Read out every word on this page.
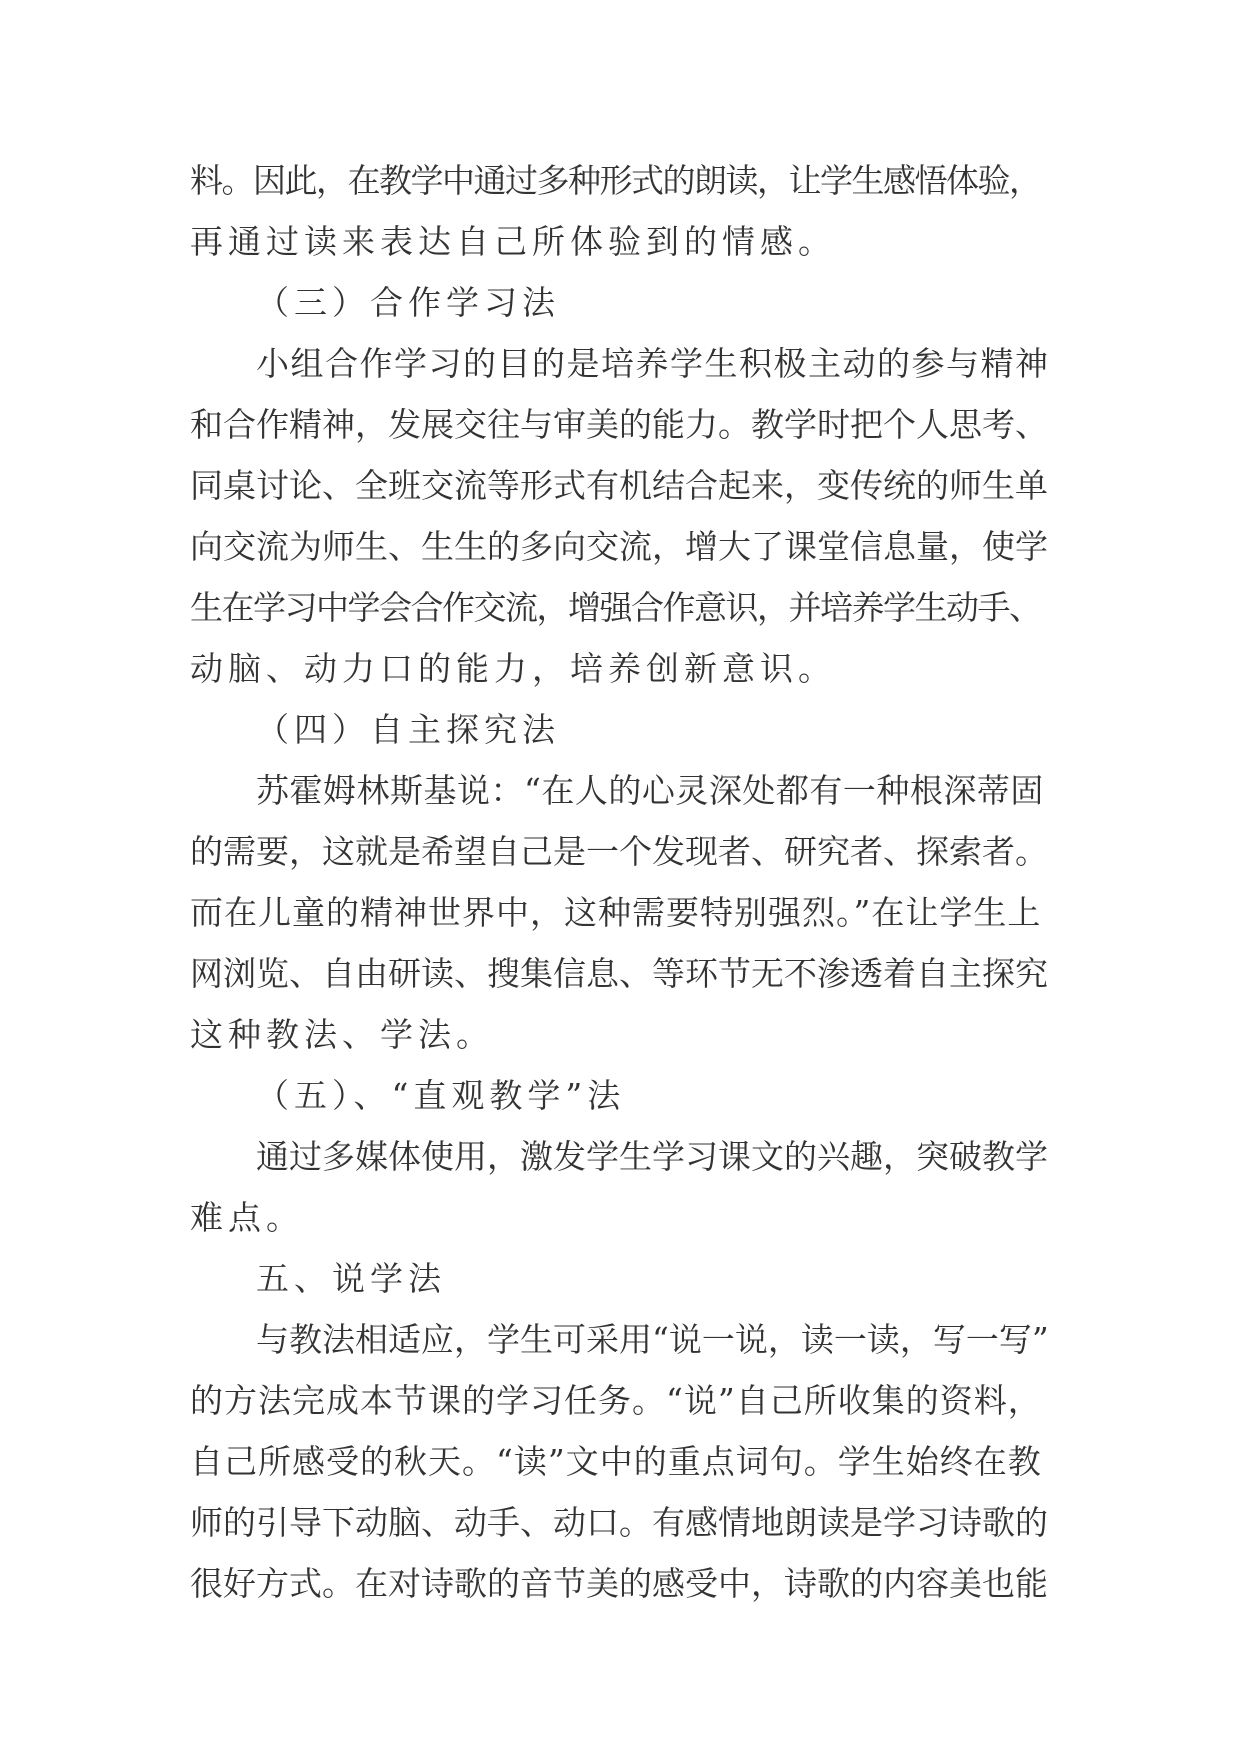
料。因此，在教学中通过多种形式的朗读，让学生感悟体验，
再通过读来表达自己所体验到的情感。
（三）合作学习法
小组合作学习的目的是培养学生积极主动的参与精神
和合作精神，发展交往与审美的能力。教学时把个人思考、
同桌讨论、全班交流等形式有机结合起来，变传统的师生单
向交流为师生、生生的多向交流，增大了课堂信息量，使学
生在学习中学会合作交流，增强合作意识，并培养学生动手、
动脑、动力口的能力，培养创新意识。
（四）自主探究法
苏霍姆林斯基说：“在人的心灵深处都有一种根深蒂固
的需要，这就是希望自己是一个发现者、研究者、探索者。
而在儿童的精神世界中，这种需要特别强烈。”在让学生上
网浏览、自由研读、搜集信息、等环节无不渗透着自主探究
这种教法、学法。
（五）、“直观教学”法
通过多媒体使用，激发学生学习课文的兴趣，突破教学
难点。
五、说学法
与教法相适应，学生可采用“说一说，读一读，写一写”
的方法完成本节课的学习任务。“说”自己所收集的资料，
自己所感受的秋天。“读”文中的重点词句。学生始终在教
师的引导下动脑、动手、动口。有感情地朗读是学习诗歌的
很好方式。在对诗歌的音节美的感受中，诗歌的内容美也能
